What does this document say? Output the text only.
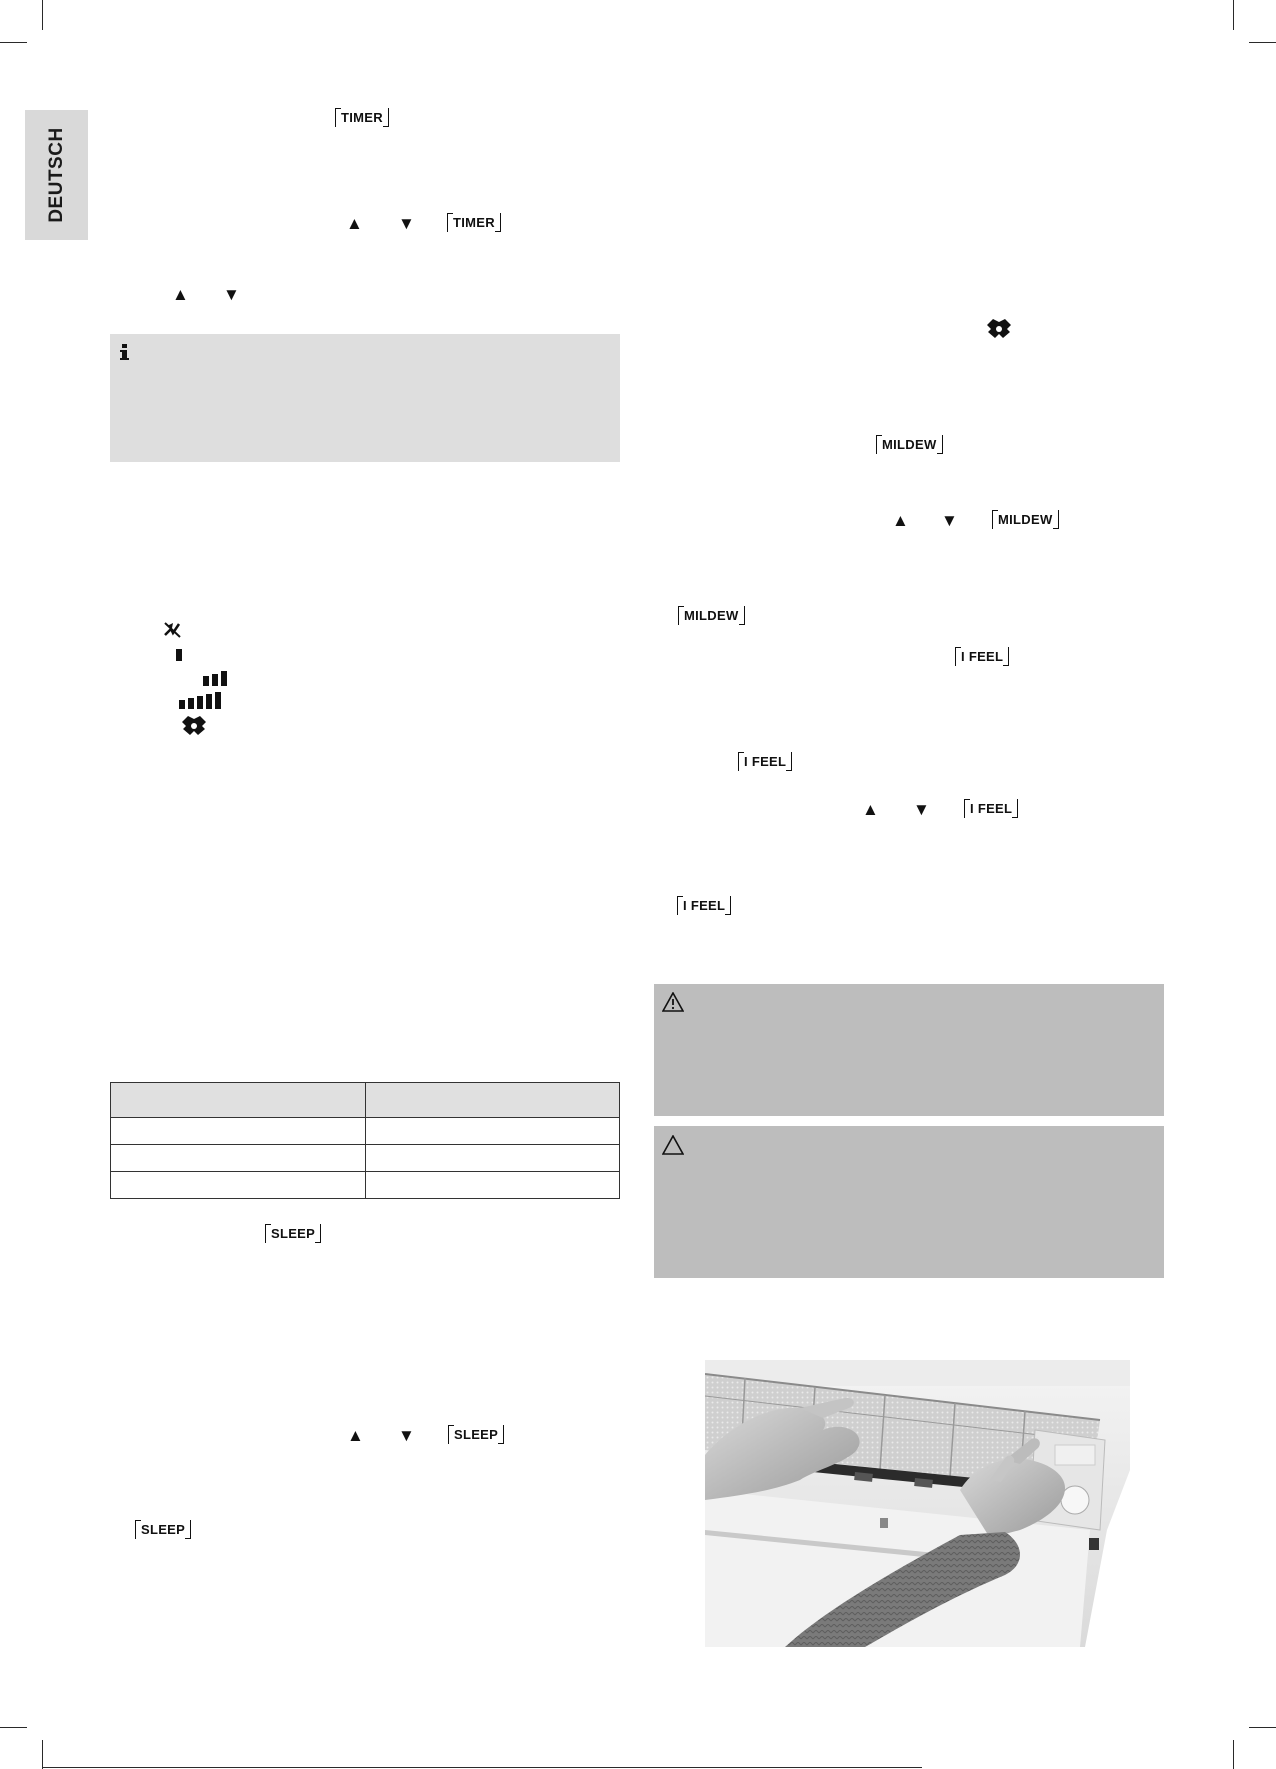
DEUTSCH
TIMER
▲ ▼	TIMER
▲ ▼

SLEEP
▲ ▼	SLEEP
SLEEP
MILDEW
▲ ▼	MILDEW
MILDEW
I FEEL
I FEEL
▲ ▼	I FEEL
I FEEL
